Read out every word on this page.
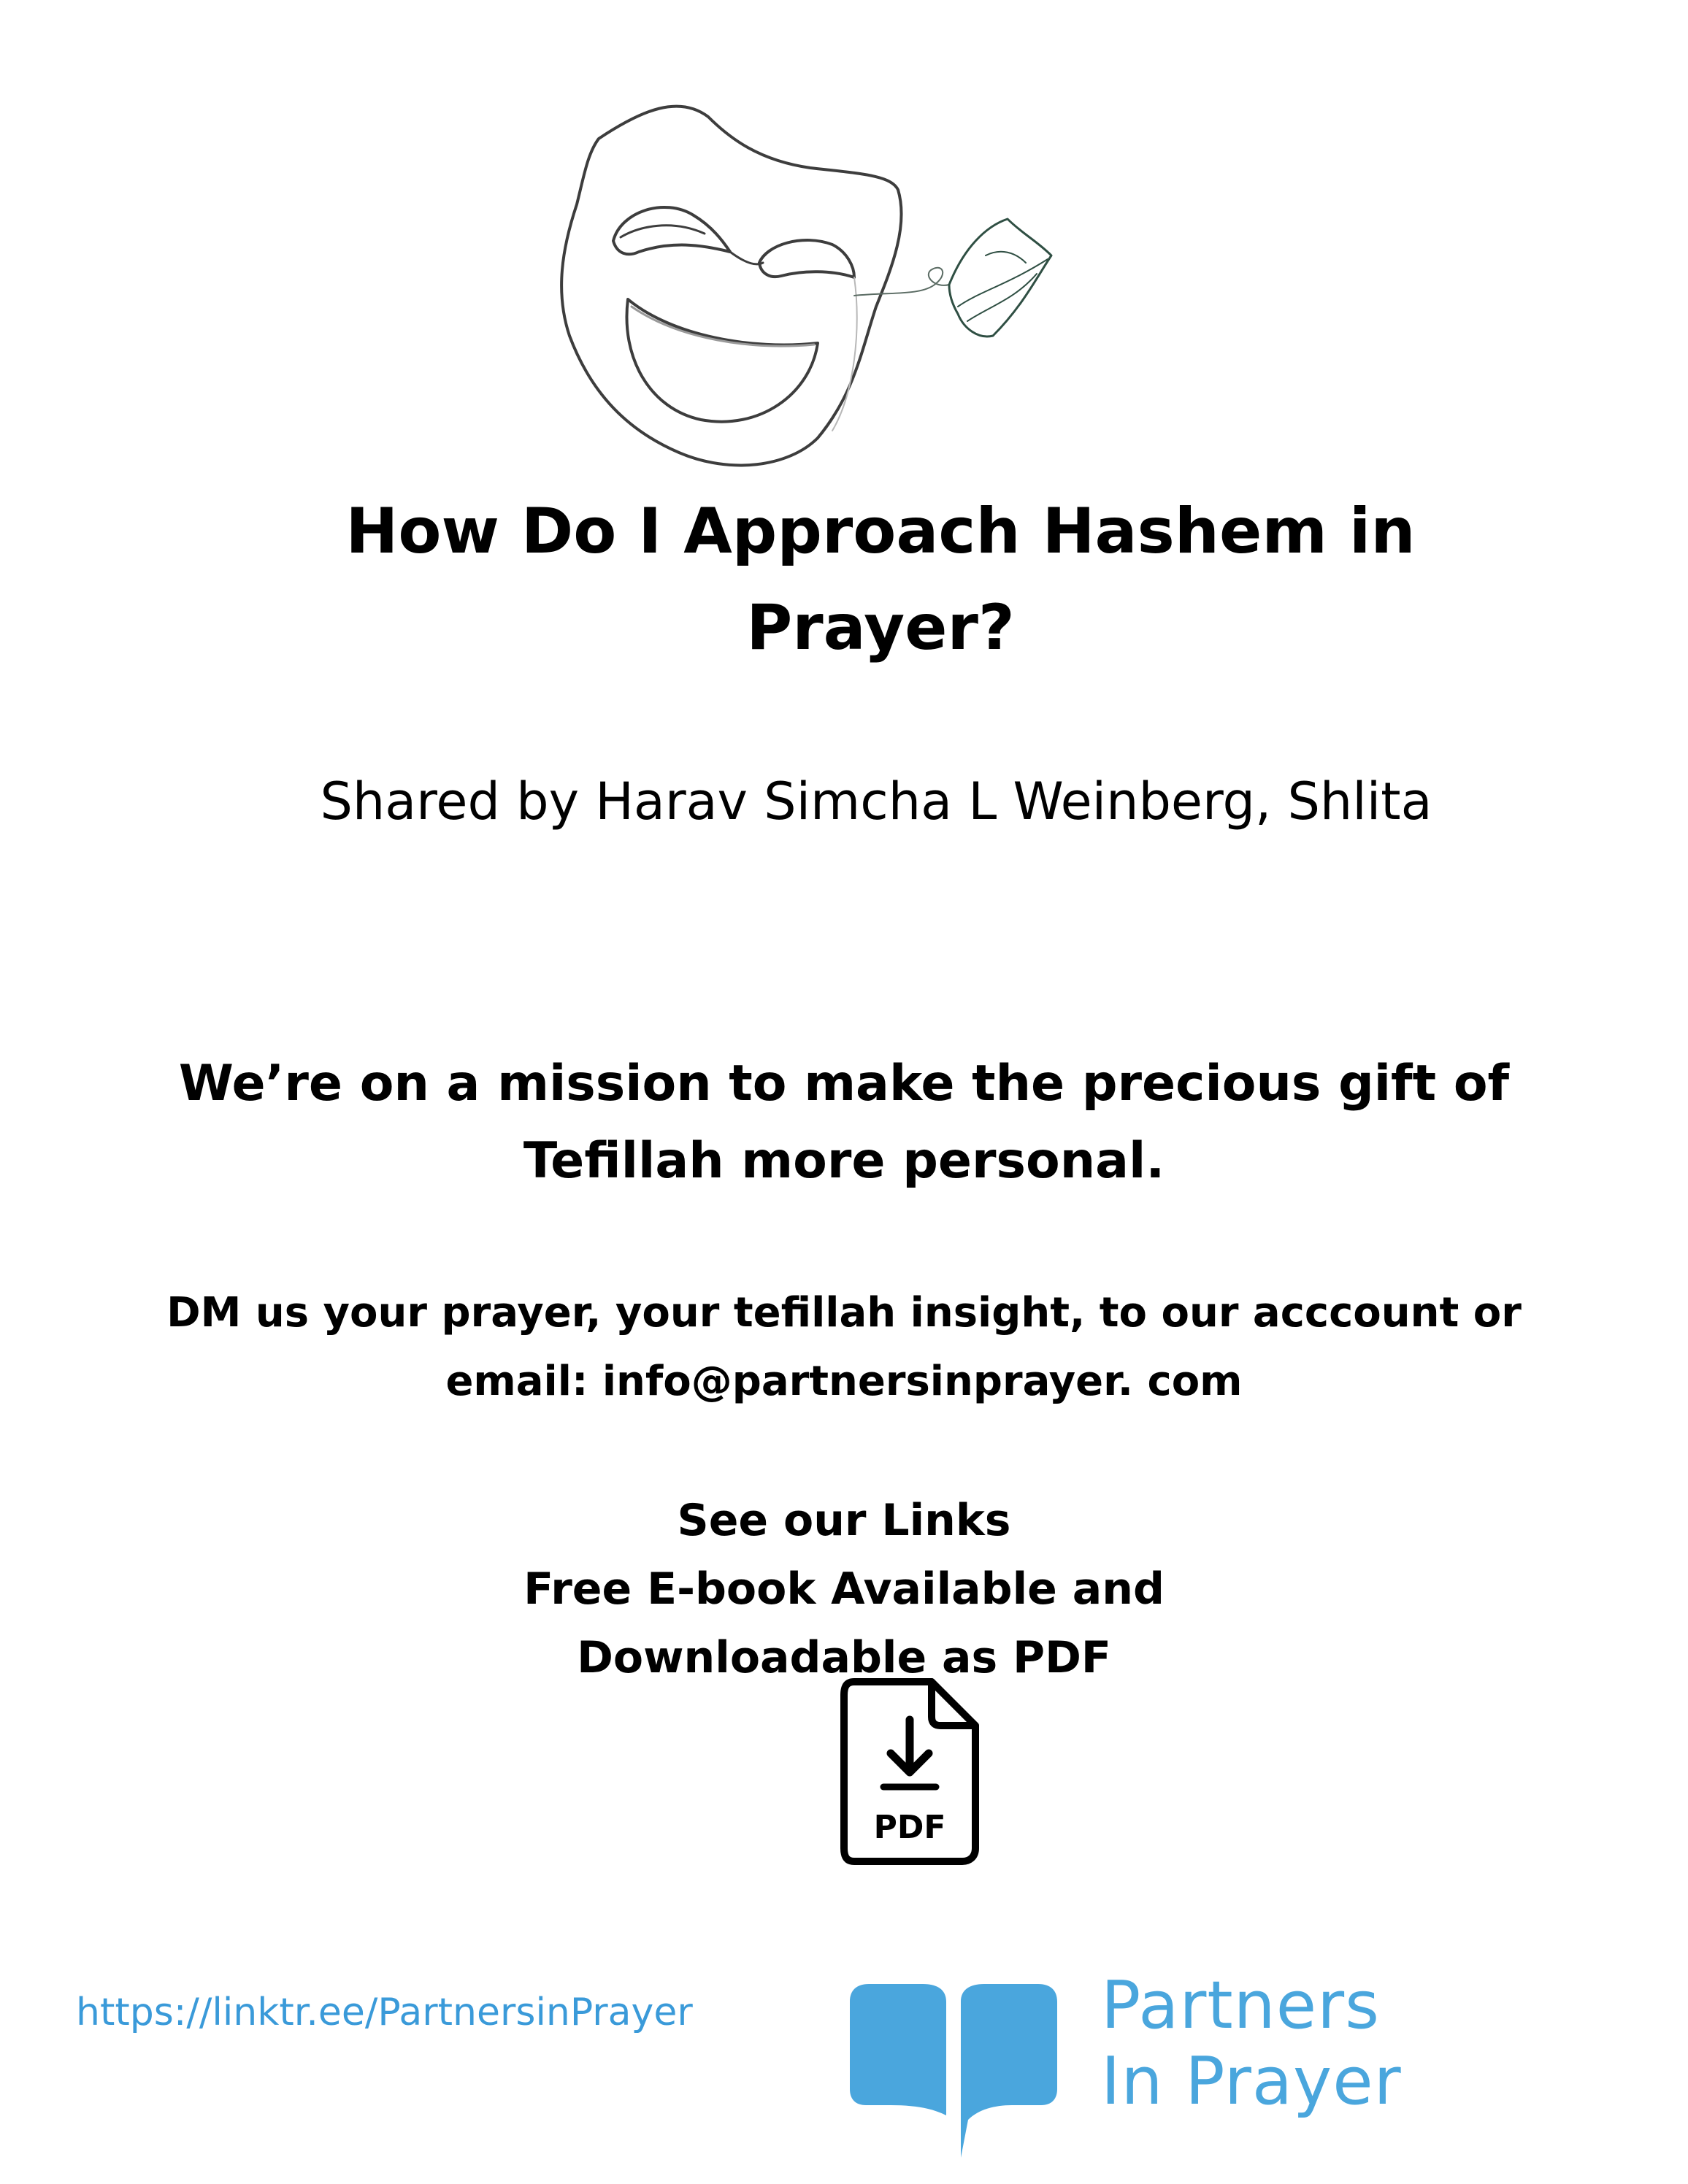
How Do I Approach Hashem in
Prayer?
Shared by Harav Simcha L Weinberg, Shlita
We’re on a mission to make the precious gift of
Tefillah more personal.
DM us your prayer, your tefillah insight, to our acccount or
email: info@partnersinprayer. com
See our Links
Free E-book Available and
Downloadable as PDF
PDF
https://linktr.ee/PartnersinPrayer	Partners
In Prayer
